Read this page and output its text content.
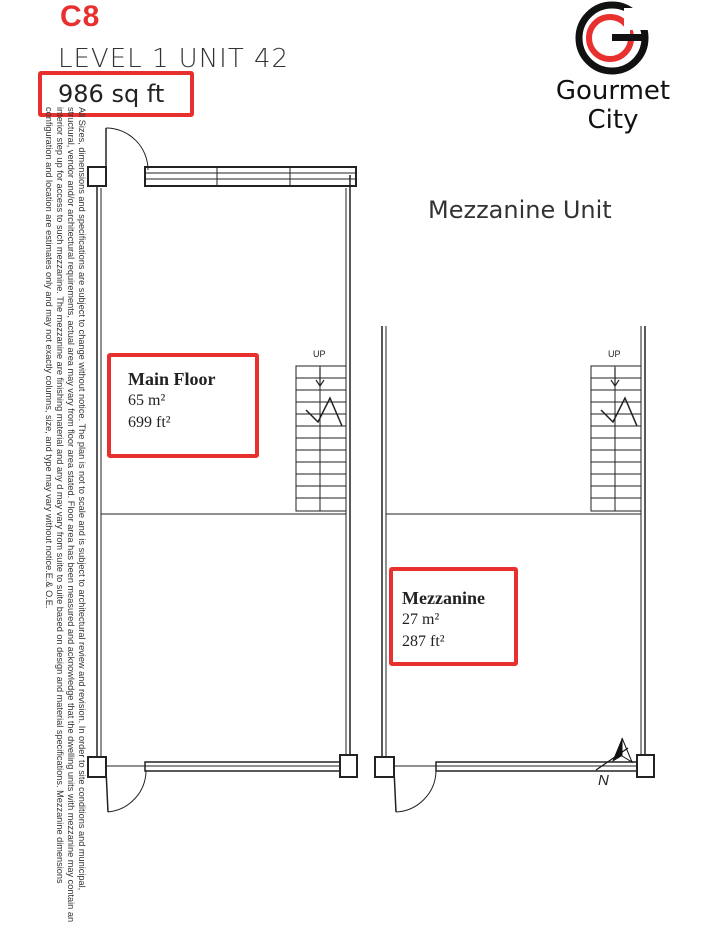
C8
LEVEL 1 UNIT 42
986 sq ft	Gourmet
City
Mezzanine Unit
All Sizes, dimensions and specifications are subject to change without notice. The plan is not to scale and is subject to architectural review and revision. In order to site conditions and municipal, structural, vendor and/or architectural requirements, actual area may vary from floor area stated. Floor area has been measured and acknowledge that the dwelling units with mezzanine may contain an interior step up for access to such mezzanine. The mezzanine are finishing material and any d may vary from suite to suite based on design and material specifications. Mezzanine dimensions configuration and location are estimates only and may not exactly columns, size, and type may vary without notice.E.& O.E.	UP	UP
N
Main Floor
65 m²
699 ft²
Mezzanine
27 m²
287 ft²
